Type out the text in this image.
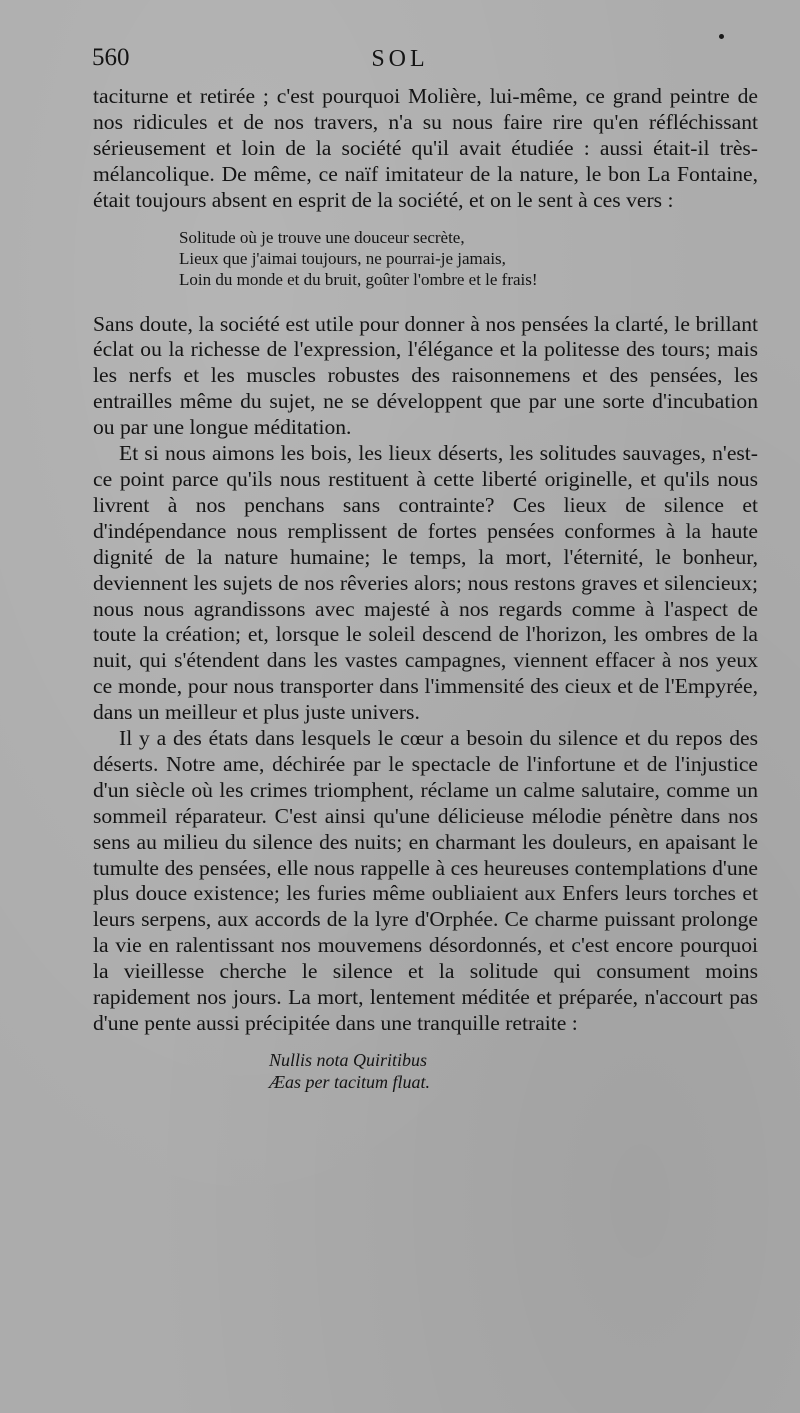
560	SOL

taciturne et retirée ; c'est pourquoi Molière, lui-même, ce grand peintre de nos ridicules et de nos travers, n'a su nous faire rire qu'en réfléchissant sérieusement et loin de la société qu'il avait étudiée : aussi était-il très-mélancolique. De même, ce naïf imitateur de la nature, le bon La Fontaine, était toujours absent en esprit de la société, et on le sent à ces vers :

Solitude où je trouve une douceur secrète,
Lieux que j'aimai toujours, ne pourrai-je jamais,
Loin du monde et du bruit, goûter l'ombre et le frais!

Sans doute, la société est utile pour donner à nos pensées la clarté, le brillant éclat ou la richesse de l'expression, l'élégance et la politesse des tours; mais les nerfs et les muscles robustes des raisonnemens et des pensées, les entrailles même du sujet, ne se développent que par une sorte d'incubation ou par une longue méditation.

Et si nous aimons les bois, les lieux déserts, les solitudes sauvages, n'est-ce point parce qu'ils nous restituent à cette liberté originelle, et qu'ils nous livrent à nos penchans sans contrainte? Ces lieux de silence et d'indépendance nous remplissent de fortes pensées conformes à la haute dignité de la nature humaine; le temps, la mort, l'éternité, le bonheur, deviennent les sujets de nos rêveries alors; nous restons graves et silencieux; nous nous agrandissons avec majesté à nos regards comme à l'aspect de toute la création; et, lorsque le soleil descend de l'horizon, les ombres de la nuit, qui s'étendent dans les vastes campagnes, viennent effacer à nos yeux ce monde, pour nous transporter dans l'immensité des cieux et de l'Empyrée, dans un meilleur et plus juste univers.

Il y a des états dans lesquels le cœur a besoin du silence et du repos des déserts. Notre ame, déchirée par le spectacle de l'infortune et de l'injustice d'un siècle où les crimes triomphent, réclame un calme salutaire, comme un sommeil réparateur. C'est ainsi qu'une délicieuse mélodie pénètre dans nos sens au milieu du silence des nuits; en charmant les douleurs, en apaisant le tumulte des pensées, elle nous rappelle à ces heureuses contemplations d'une plus douce existence; les furies même oubliaient aux Enfers leurs torches et leurs serpens, aux accords de la lyre d'Orphée. Ce charme puissant prolonge la vie en ralentissant nos mouvemens désordonnés, et c'est encore pourquoi la vieillesse cherche le silence et la solitude qui consument moins rapidement nos jours. La mort, lentement méditée et préparée, n'accourt pas d'une pente aussi précipitée dans une tranquille retraite :

Nullis nota Quiritibus
Æas per tacitum fluat.
